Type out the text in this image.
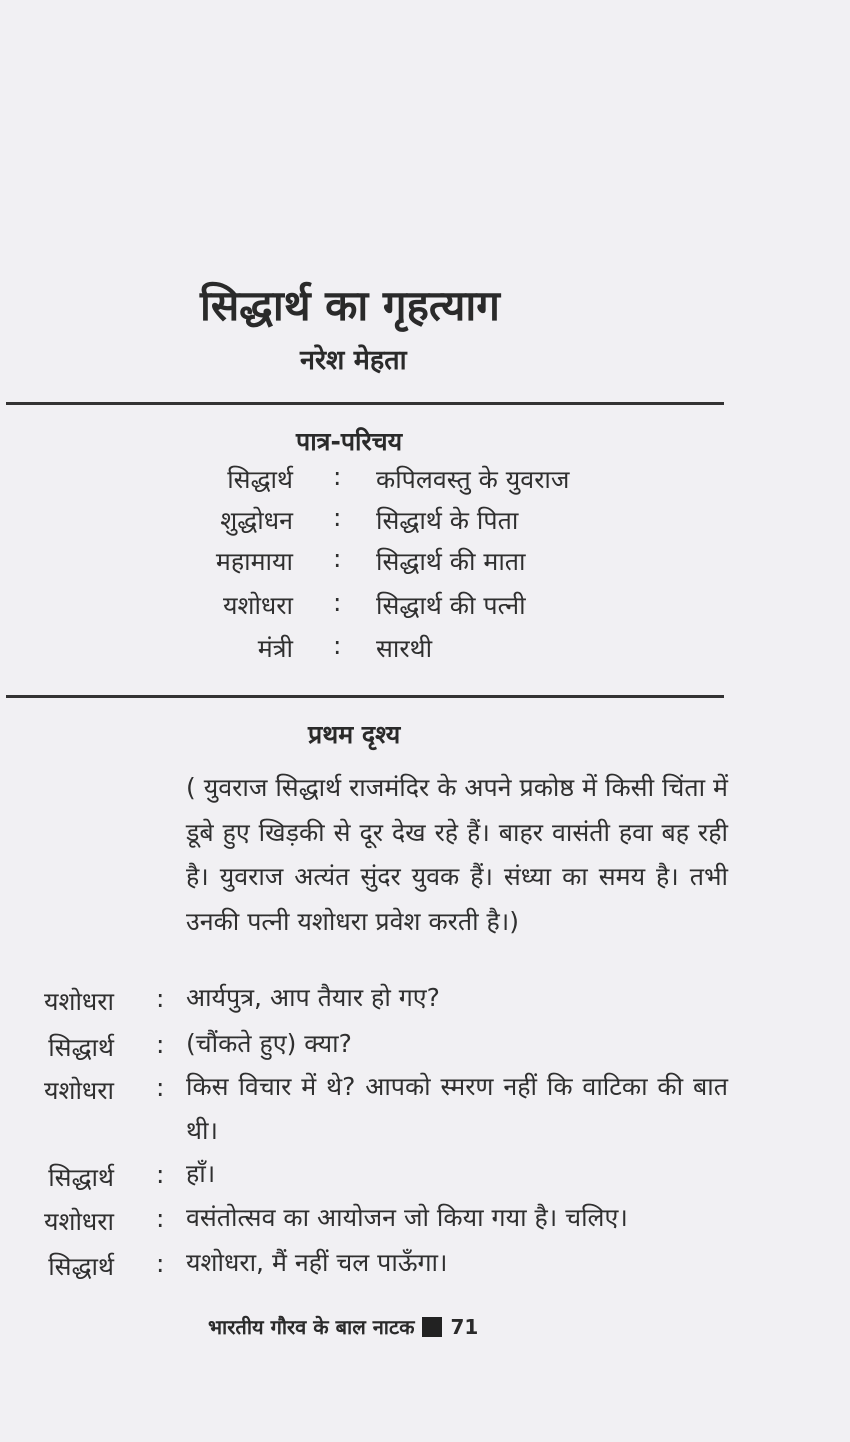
सिद्धार्थ का गृहत्याग
नरेश मेहता
पात्र-परिचय
सिद्धार्थ : कपिलवस्तु के युवराज
शुद्धोधन : सिद्धार्थ के पिता
महामाया : सिद्धार्थ की माता
यशोधरा : सिद्धार्थ की पत्नी
मंत्री : सारथी
प्रथम दृश्य
( युवराज सिद्धार्थ राजमंदिर के अपने प्रकोष्ठ में किसी चिंता में डूबे हुए खिड़की से दूर देख रहे हैं। बाहर वासंती हवा बह रही है। युवराज अत्यंत सुंदर युवक हैं। संध्या का समय है। तभी उनकी पत्नी यशोधरा प्रवेश करती है।)
यशोधरा : आर्यपुत्र, आप तैयार हो गए?
सिद्धार्थ : (चौंकते हुए) क्या?
यशोधरा : किस विचार में थे? आपको स्मरण नहीं कि वाटिका की बात थी।
सिद्धार्थ : हाँ।
यशोधरा : वसंतोत्सव का आयोजन जो किया गया है। चलिए।
सिद्धार्थ : यशोधरा, मैं नहीं चल पाऊँगा।
भारतीय गौरव के बाल नाटक 71
